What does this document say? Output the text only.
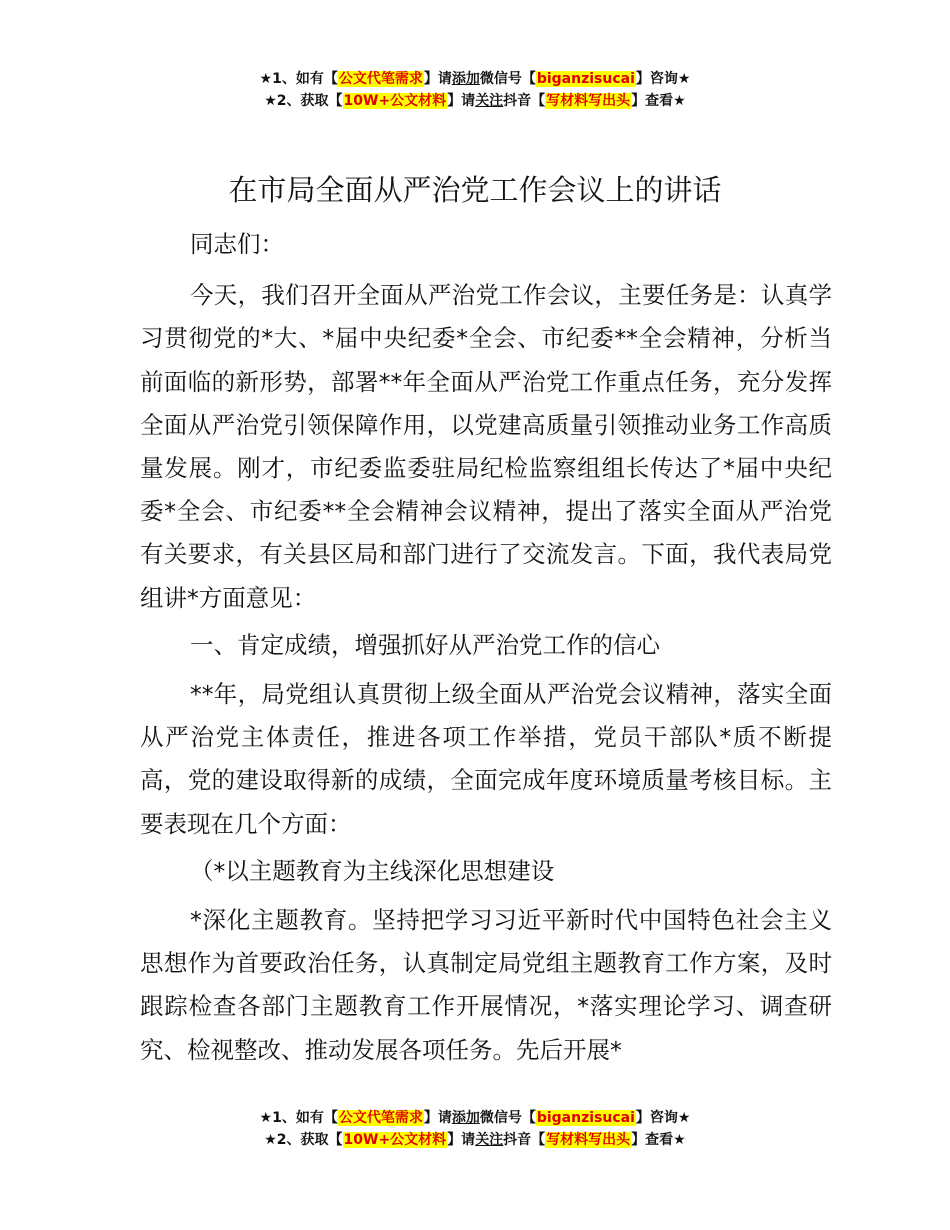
★1、如有【公文代笔需求】请添加微信号【biganzisucai】咨询★
★2、获取【10W+公文材料】请关注抖音【写材料写出头】查看★
在市局全面从严治党工作会议上的讲话

同志们：

今天，我们召开全面从严治党工作会议，主要任务是：认真学习贯彻党的*大、*届中央纪委*全会、市纪委**全会精神，分析当前面临的新形势，部署**年全面从严治党工作重点任务，充分发挥全面从严治党引领保障作用，以党建高质量引领推动业务工作高质量发展。刚才，市纪委监委驻局纪检监察组组长传达了*届中央纪委*全会、市纪委**全会精神会议精神，提出了落实全面从严治党有关要求，有关县区局和部门进行了交流发言。下面，我代表局党组讲*方面意见：

一、肯定成绩，增强抓好从严治党工作的信心

**年，局党组认真贯彻上级全面从严治党会议精神，落实全面从严治党主体责任，推进各项工作举措，党员干部队*质不断提高，党的建设取得新的成绩，全面完成年度环境质量考核目标。主要表现在几个方面：

（*以主题教育为主线深化思想建设

*深化主题教育。坚持把学习习近平新时代中国特色社会主义思想作为首要政治任务，认真制定局党组主题教育工作方案，及时跟踪检查各部门主题教育工作开展情况，*落实理论学习、调查研究、检视整改、推动发展各项任务。先后开展*

★1、如有【公文代笔需求】请添加微信号【biganzisucai】咨询★
★2、获取【10W+公文材料】请关注抖音【写材料写出头】查看★
